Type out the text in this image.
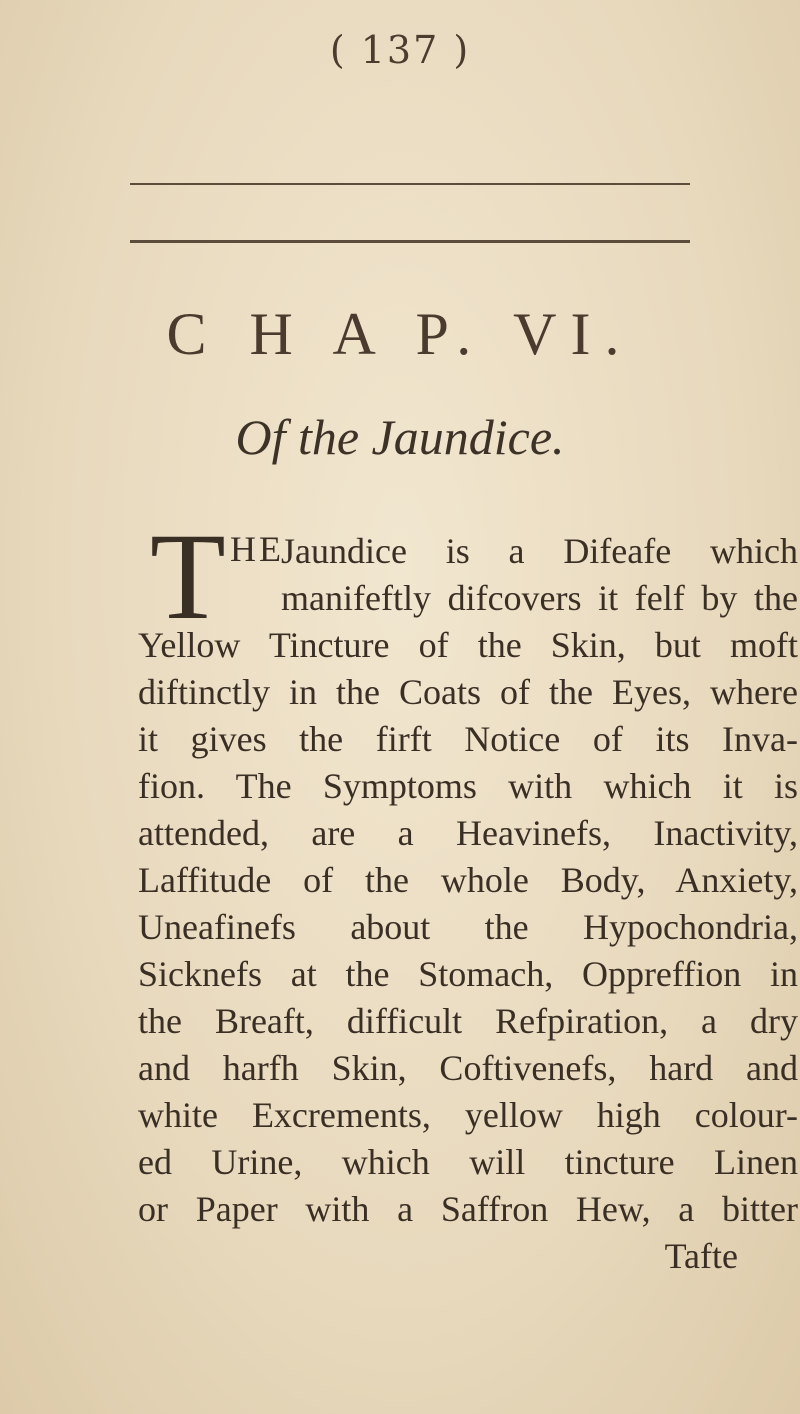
( 137 )
C H A P. VI.
Of the Jaundice.
T HE
Jaundice is a Difeafe which
manifeftly difcovers it felf by the
Yellow Tincture of the Skin, but moft
diftinctly in the Coats of the Eyes, where
it gives the firft Notice of its Inva-
fion. The Symptoms with which it is
attended, are a Heavinefs, Inactivity,
Laffitude of the whole Body, Anxiety,
Uneafinefs about the Hypochondria,
Sicknefs at the Stomach, Oppreffion in
the Breaft, difficult Refpiration, a dry
and harfh Skin, Coftivenefs, hard and
white Excrements, yellow high colour-
ed Urine, which will tincture Linen
or Paper with a Saffron Hew, a bitter
Tafte
